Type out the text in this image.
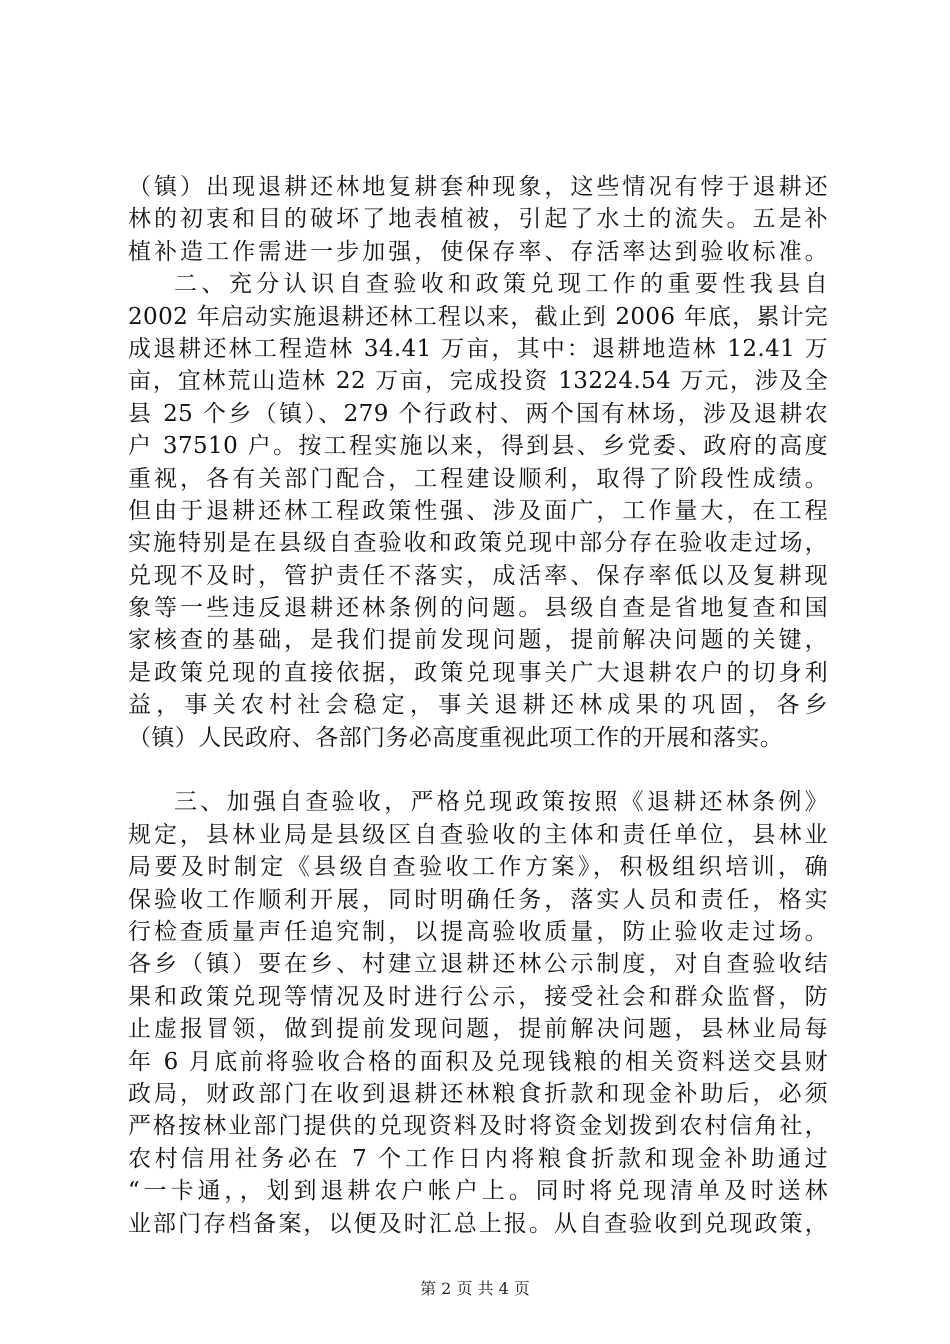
（镇）出现退耕还林地复耕套种现象，这些情况有悖于退耕还
林的初衷和目的破坏了地表植被，引起了水土的流失。五是补
植补造工作需进一步加强，使保存率、存活率达到验收标准。
二、充分认识自查验收和政策兑现工作的重要性我县自
2002 年启动实施退耕还林工程以来，截止到 2006 年底，累计完
成退耕还林工程造林 34.41 万亩，其中：退耕地造林 12.41 万
亩，宜林荒山造林 22 万亩，完成投资 13224.54 万元，涉及全
县 25 个乡（镇）、279 个行政村、两个国有林场，涉及退耕农
户 37510 户。按工程实施以来，得到县、乡党委、政府的高度
重视，各有关部门配合，工程建设顺利，取得了阶段性成绩。
但由于退耕还林工程政策性强、涉及面广，工作量大，在工程
实施特别是在县级自查验收和政策兑现中部分存在验收走过场，
兑现不及时，管护责任不落实，成活率、保存率低以及复耕现
象等一些违反退耕还林条例的问题。县级自查是省地复查和国
家核查的基础，是我们提前发现问题，提前解决问题的关键，
是政策兑现的直接依据，政策兑现事关广大退耕农户的切身利
益，事关农村社会稳定，事关退耕还林成果的巩固，各乡
（镇）人民政府、各部门务必高度重视此项工作的开展和落实。
三、加强自查验收，严格兑现政策按照《退耕还林条例》
规定，县林业局是县级区自查验收的主体和责任单位，县林业
局要及时制定《县级自查验收工作方案》，积极组织培训，确
保验收工作顺利开展，同时明确任务，落实人员和责任，格实
行检查质量声任追究制，以提高验收质量，防止验收走过场。
各乡（镇）要在乡、村建立退耕还林公示制度，对自查验收结
果和政策兑现等情况及时进行公示，接受社会和群众监督，防
止虚报冒领，做到提前发现问题，提前解决问题，县林业局每
年 6 月底前将验收合格的面积及兑现钱粮的相关资料送交县财
政局，财政部门在收到退耕还林粮食折款和现金补助后，必须
严格按林业部门提供的兑现资料及时将资金划拨到农村信角社，
农村信用社务必在 7 个工作日内将粮食折款和现金补助通过
“一卡通，，划到退耕农户帐户上。同时将兑现清单及时送林
业部门存档备案，以便及时汇总上报。从自查验收到兑现政策，
第 2 页 共 4 页
